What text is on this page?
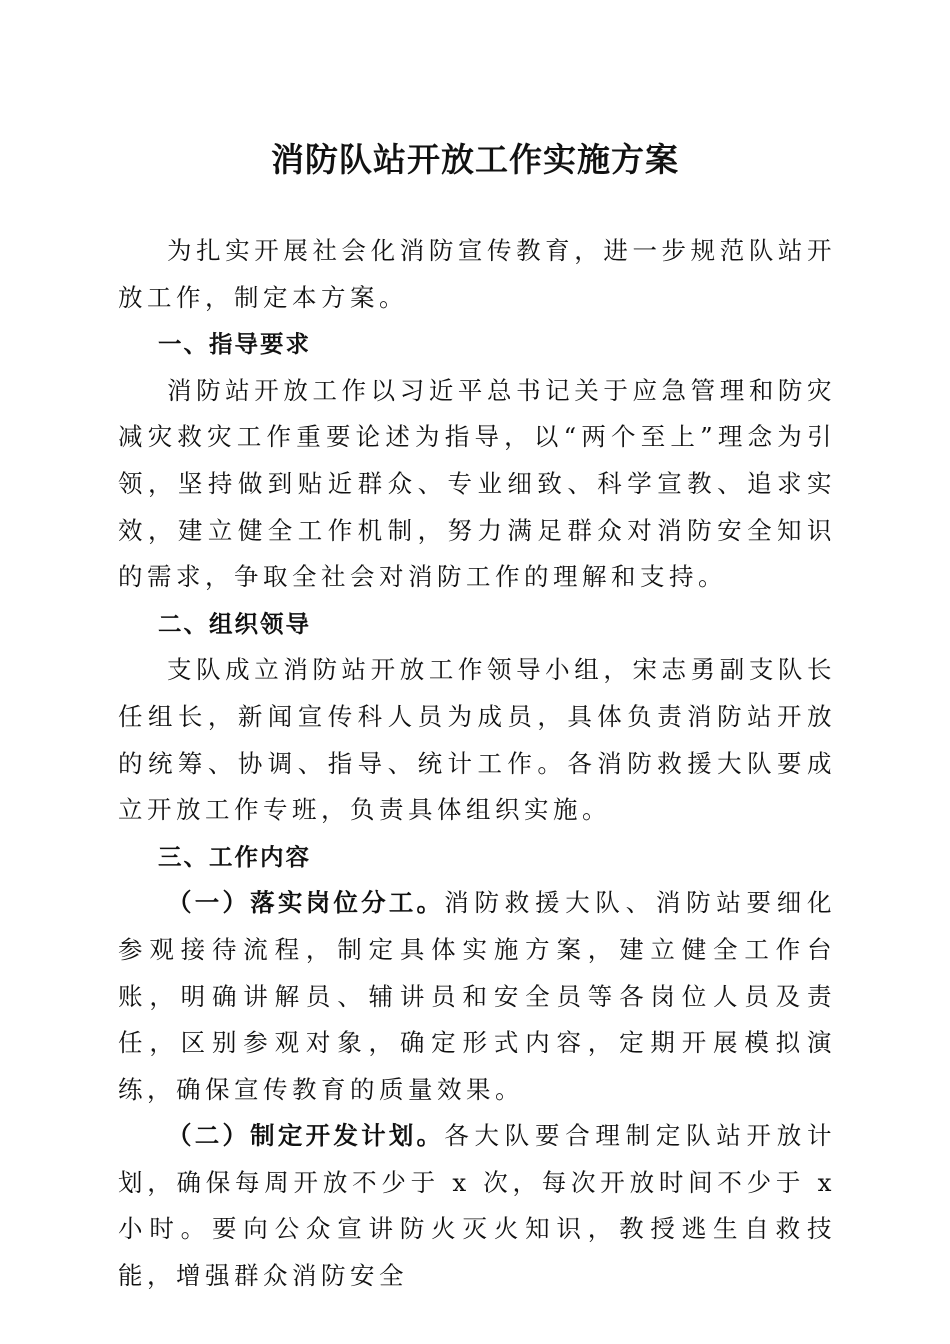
消防队站开放工作实施方案

为扎实开展社会化消防宣传教育，进一步规范队站开放工作，制定本方案。

一、指导要求

消防站开放工作以习近平总书记关于应急管理和防灾减灾救灾工作重要论述为指导，以“两个至上”理念为引领，坚持做到贴近群众、专业细致、科学宣教、追求实效，建立健全工作机制，努力满足群众对消防安全知识的需求，争取全社会对消防工作的理解和支持。

二、组织领导

支队成立消防站开放工作领导小组，宋志勇副支队长任组长，新闻宣传科人员为成员，具体负责消防站开放的统筹、协调、指导、统计工作。各消防救援大队要成立开放工作专班，负责具体组织实施。

三、工作内容

（一）落实岗位分工。消防救援大队、消防站要细化参观接待流程，制定具体实施方案，建立健全工作台账，明确讲解员、辅讲员和安全员等各岗位人员及责任，区别参观对象，确定形式内容，定期开展模拟演练，确保宣传教育的质量效果。

（二）制定开发计划。各大队要合理制定队站开放计划，确保每周开放不少于 x 次，每次开放时间不少于 x 小时。要向公众宣讲防火灭火知识，教授逃生自救技能，增强群众消防安全
